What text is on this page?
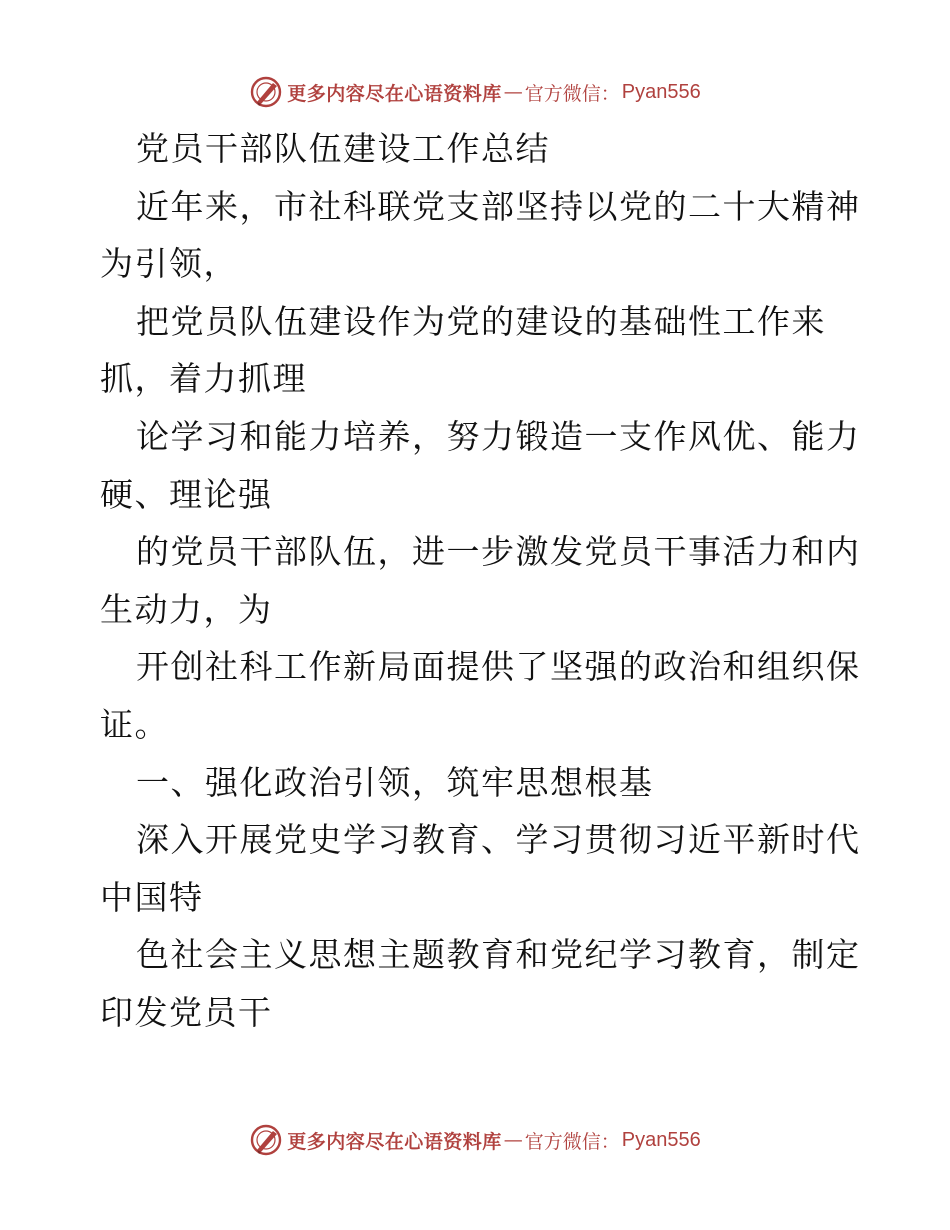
更多内容尽在心语资料库 — 官方微信： Pyan556
党员干部队伍建设工作总结
近年来，市社科联党支部坚持以党的二十大精神
为引领，
把党员队伍建设作为党的建设的基础性工作来
抓，着力抓理
论学习和能力培养，努力锻造一支作风优、能力
硬、理论强
的党员干部队伍，进一步激发党员干事活力和内
生动力，为
开创社科工作新局面提供了坚强的政治和组织保
证。
一、强化政治引领，筑牢思想根基
深入开展党史学习教育、学习贯彻习近平新时代
中国特
色社会主义思想主题教育和党纪学习教育，制定
印发党员干
更多内容尽在心语资料库 — 官方微信： Pyan556
